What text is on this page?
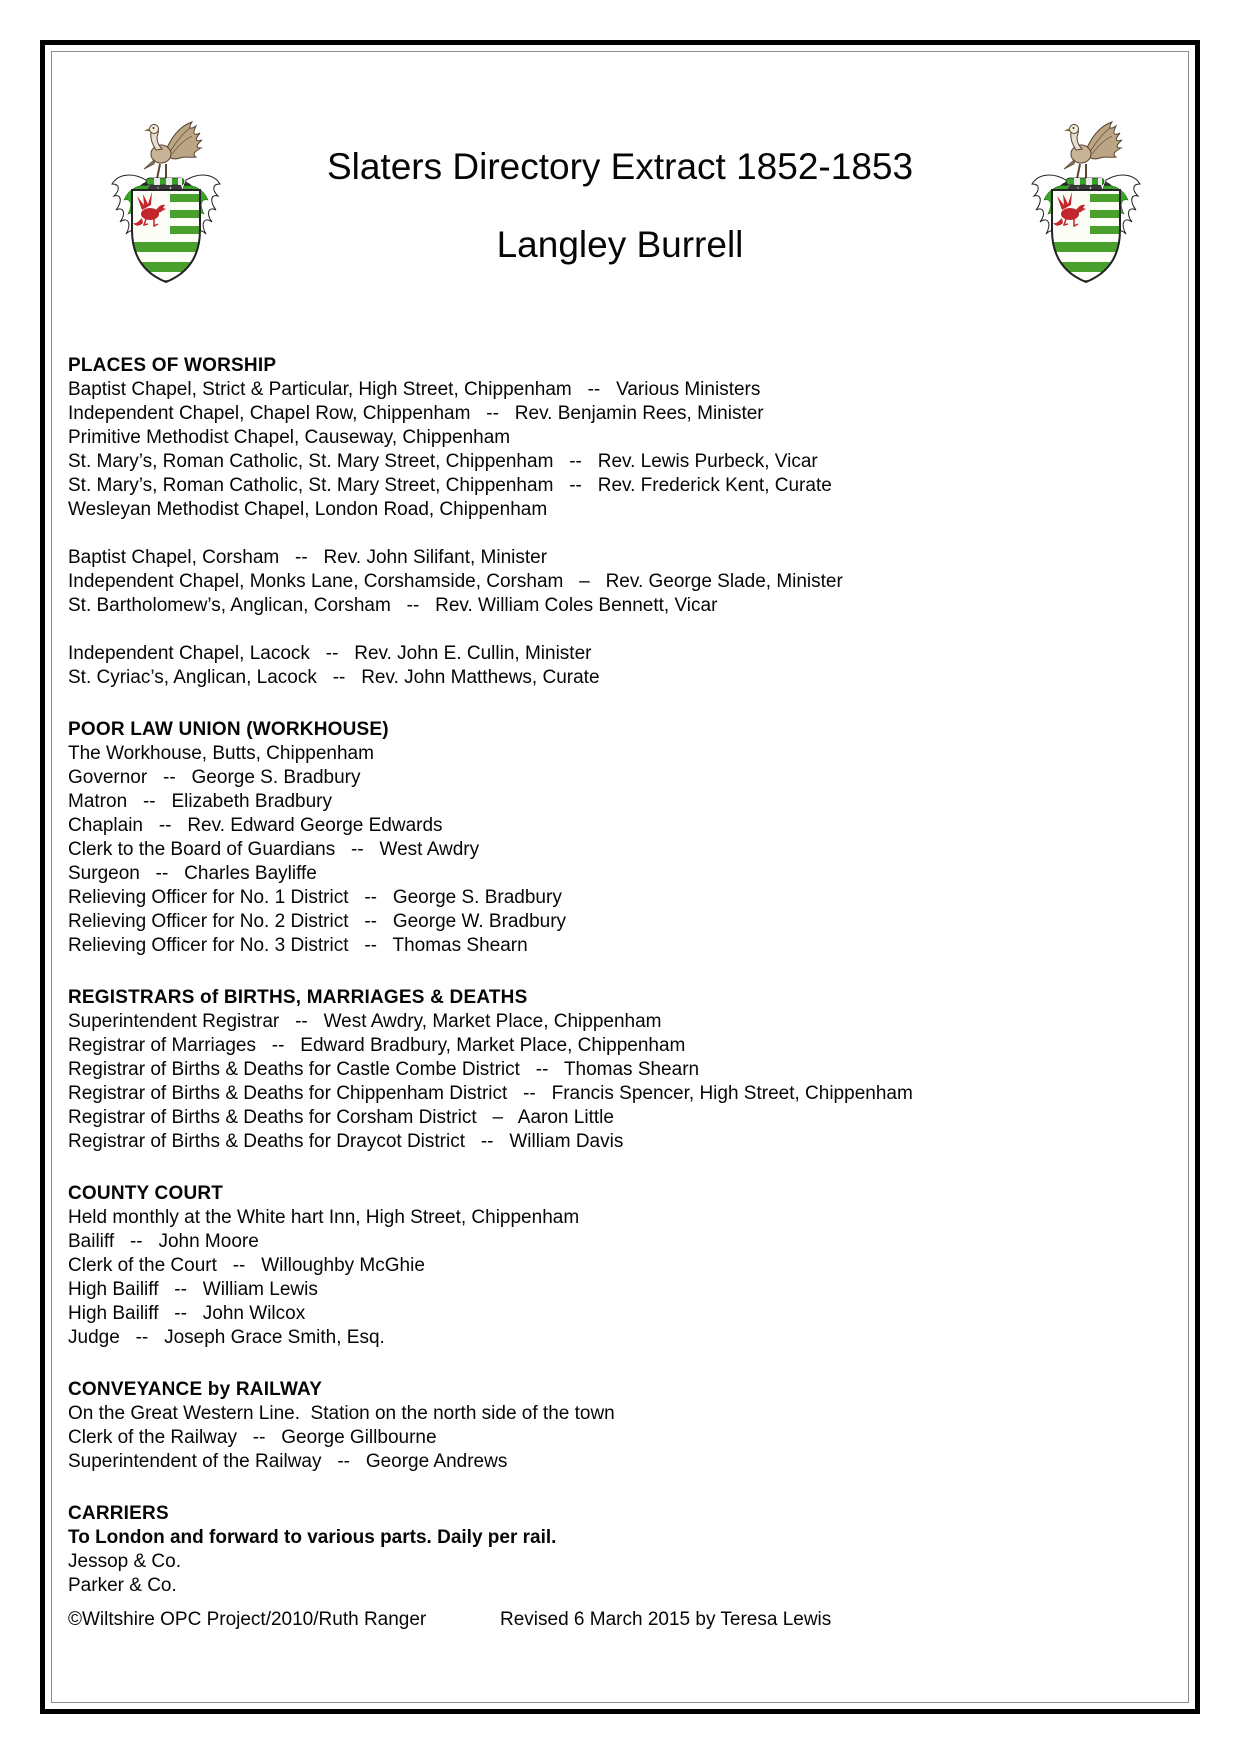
Slaters Directory Extract 1852-1853
Langley Burrell
PLACES OF WORSHIP
Baptist Chapel, Strict & Particular, High Street, Chippenham   --   Various Ministers
Independent Chapel, Chapel Row, Chippenham   --   Rev. Benjamin Rees, Minister
Primitive Methodist Chapel, Causeway, Chippenham
St. Mary’s, Roman Catholic, St. Mary Street, Chippenham   --   Rev. Lewis Purbeck, Vicar
St. Mary’s, Roman Catholic, St. Mary Street, Chippenham   --   Rev. Frederick Kent, Curate
Wesleyan Methodist Chapel, London Road, Chippenham
Baptist Chapel, Corsham   --   Rev. John Silifant, Minister
Independent Chapel, Monks Lane, Corshamside, Corsham   –   Rev. George Slade, Minister
St. Bartholomew’s, Anglican, Corsham   --   Rev. William Coles Bennett, Vicar
Independent Chapel, Lacock   --   Rev. John E. Cullin, Minister
St. Cyriac’s, Anglican, Lacock   --   Rev. John Matthews, Curate
POOR LAW UNION (WORKHOUSE)
The Workhouse, Butts, Chippenham
Governor   --   George S. Bradbury
Matron   --   Elizabeth Bradbury
Chaplain   --   Rev. Edward George Edwards
Clerk to the Board of Guardians   --   West Awdry
Surgeon   --   Charles Bayliffe
Relieving Officer for No. 1 District   --   George S. Bradbury
Relieving Officer for No. 2 District   --   George W. Bradbury
Relieving Officer for No. 3 District   --   Thomas Shearn
REGISTRARS of BIRTHS, MARRIAGES & DEATHS
Superintendent Registrar   --   West Awdry, Market Place, Chippenham
Registrar of Marriages   --   Edward Bradbury, Market Place, Chippenham
Registrar of Births & Deaths for Castle Combe District   --   Thomas Shearn
Registrar of Births & Deaths for Chippenham District   --   Francis Spencer, High Street, Chippenham
Registrar of Births & Deaths for Corsham District   –   Aaron Little
Registrar of Births & Deaths for Draycot District   --   William Davis
COUNTY COURT
Held monthly at the White hart Inn, High Street, Chippenham
Bailiff   --   John Moore
Clerk of the Court   --   Willoughby McGhie
High Bailiff   --   William Lewis
High Bailiff   --   John Wilcox
Judge   --   Joseph Grace Smith, Esq.
CONVEYANCE by RAILWAY
On the Great Western Line.  Station on the north side of the town
Clerk of the Railway   --   George Gillbourne
Superintendent of the Railway   --   George Andrews
CARRIERS
To London and forward to various parts. Daily per rail.
Jessop & Co.
Parker & Co.
©Wiltshire OPC Project/2010/Ruth Ranger	Revised 6 March 2015 by Teresa Lewis
